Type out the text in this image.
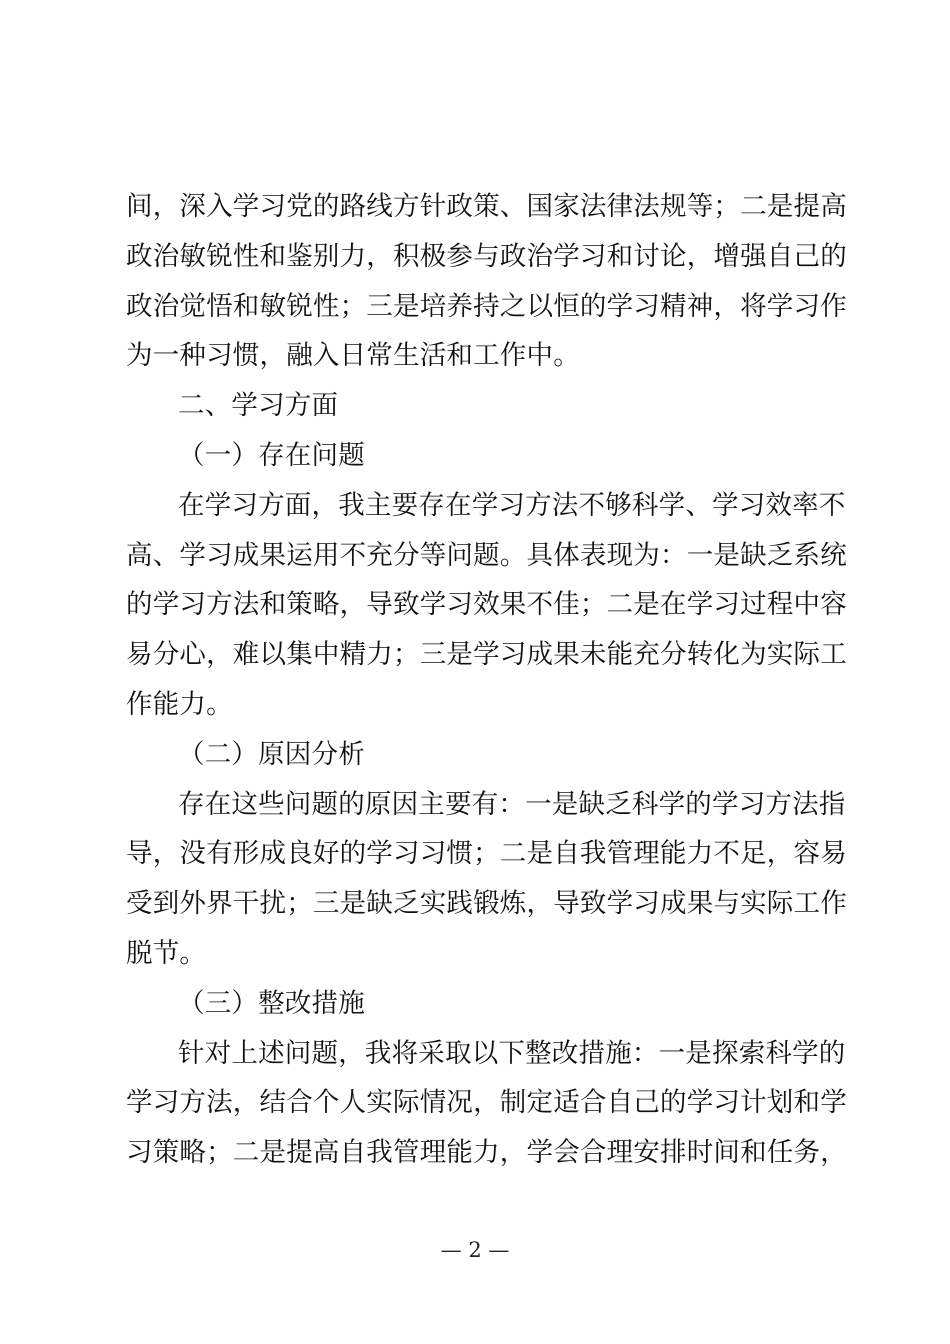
间，深入学习党的路线方针政策、国家法律法规等；二是提高
政治敏锐性和鉴别力，积极参与政治学习和讨论，增强自己的
政治觉悟和敏锐性；三是培养持之以恒的学习精神，将学习作
为一种习惯，融入日常生活和工作中。
二、学习方面
（一）存在问题
在学习方面，我主要存在学习方法不够科学、学习效率不
高、学习成果运用不充分等问题。具体表现为：一是缺乏系统
的学习方法和策略，导致学习效果不佳；二是在学习过程中容
易分心，难以集中精力；三是学习成果未能充分转化为实际工
作能力。
（二）原因分析
存在这些问题的原因主要有：一是缺乏科学的学习方法指
导，没有形成良好的学习习惯；二是自我管理能力不足，容易
受到外界干扰；三是缺乏实践锻炼，导致学习成果与实际工作
脱节。
（三）整改措施
针对上述问题，我将采取以下整改措施：一是探索科学的
学习方法，结合个人实际情况，制定适合自己的学习计划和学
习策略；二是提高自我管理能力，学会合理安排时间和任务，
— 2 —
